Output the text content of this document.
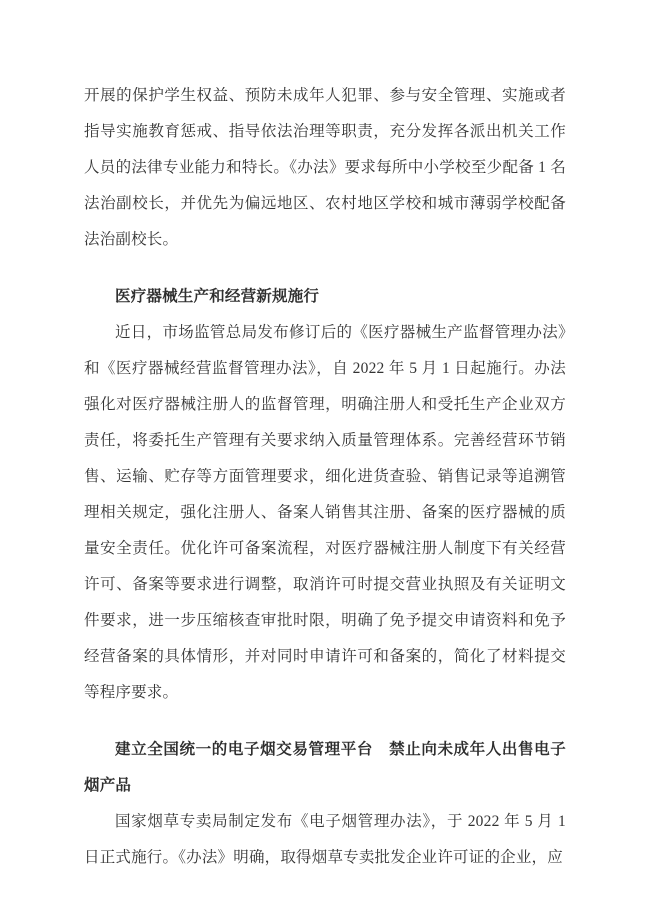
开展的保护学生权益、预防未成年人犯罪、参与安全管理、实施或者指导实施教育惩戒、指导依法治理等职责，充分发挥各派出机关工作人员的法律专业能力和特长。《办法》要求每所中小学校至少配备 1 名法治副校长，并优先为偏远地区、农村地区学校和城市薄弱学校配备法治副校长。

医疗器械生产和经营新规施行

近日，市场监管总局发布修订后的《医疗器械生产监督管理办法》和《医疗器械经营监督管理办法》，自 2022 年 5 月 1 日起施行。办法强化对医疗器械注册人的监督管理，明确注册人和受托生产企业双方责任，将委托生产管理有关要求纳入质量管理体系。完善经营环节销售、运输、贮存等方面管理要求，细化进货查验、销售记录等追溯管理相关规定，强化注册人、备案人销售其注册、备案的医疗器械的质量安全责任。优化许可备案流程，对医疗器械注册人制度下有关经营许可、备案等要求进行调整，取消许可时提交营业执照及有关证明文件要求，进一步压缩核查审批时限，明确了免予提交申请资料和免予经营备案的具体情形，并对同时申请许可和备案的，简化了材料提交等程序要求。

建立全国统一的电子烟交易管理平台　禁止向未成年人出售电子烟产品

国家烟草专卖局制定发布《电子烟管理办法》，于 2022 年 5 月 1 日正式施行。《办法》明确，取得烟草专卖批发企业许可证的企业，应
